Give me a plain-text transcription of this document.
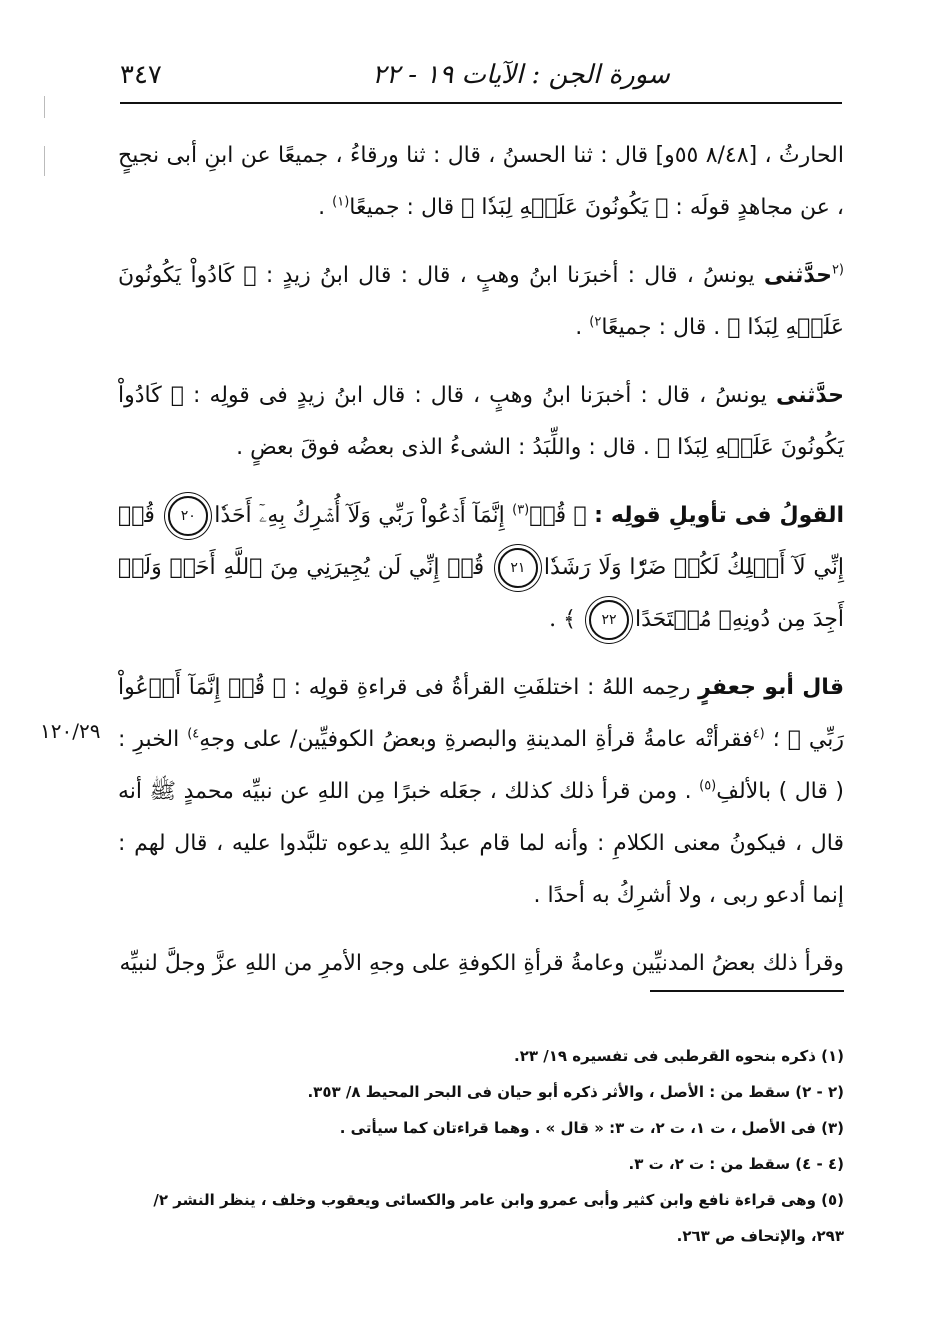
سورة الجن : الآيات ١٩ - ٢٢
٣٤٧
١٢٠/٢٩

الحارثُ ، [٨/٤٨ ٥٥و] قال : ثنا الحسنُ ، قال : ثنا ورقاءُ ، جميعًا عن ابنِ أبى نجيحٍ ، عن مجاهدٍ قولَه : ﴿ يَكُونُونَ عَلَيۡهِ لِبَدٗا ﴾ قال : جميعًا$^{(١)}$ .

$^{(٢}$حدَّثنى يونسُ ، قال : أخبرَنا ابنُ وهبٍ ، قال : قال ابنُ زيدٍ : ﴿ كَادُواْ يَكُونُونَ عَلَيۡهِ لِبَدٗا ﴾ . قال : جميعًا$^{٢)}$ .

حدَّثنى يونسُ ، قال : أخبرَنا ابنُ وهبٍ ، قال : قال ابنُ زيدٍ فى قولِه : ﴿ كَادُواْ يَكُونُونَ عَلَيۡهِ لِبَدٗا ﴾ . قال : واللِّبَدُ : الشىءُ الذى بعضُه فوقَ بعضٍ .

القولُ فى تأويلِ قولِه : ﴿ قُلۡ$^{(٣)}$ إِنَّمَآ أَدۡعُواْ رَبِّي وَلَآ أُشۡرِكُ بِهِۦٓ أَحَدٗا٢٠ قُلۡ إِنِّي لَآ أَمۡلِكُ لَكُمۡ ضَرّٗا وَلَا رَشَدٗا٢١ قُلۡ إِنِّي لَن يُجِيرَنِي مِنَ ٱللَّهِ أَحَدٞ وَلَنۡ أَجِدَ مِن دُونِهِۦ مُلۡتَحَدًا٢٢ ﴾ .

قال أبو جعفرٍ رحِمه اللهُ : اختلفَتِ القرأةُ فى قراءةِ قولِه : ﴿ قُلۡ إِنَّمَآ أَدۡعُواْ رَبِّي ﴾ ؛ $^{(٤}$فقرأتْه عامةُ قرأةِ المدينةِ والبصرةِ وبعضُ الكوفيِّين/ على وجهِ$^{٤)}$ الخبرِ : ( قال ) بالألفِ$^{(٥)}$ . ومن قرأ ذلك كذلك ، جعَله خبرًا مِن اللهِ عن نبيِّه محمدٍ ﷺ أنه قال ، فيكونُ معنى الكلامِ : وأنه لما قام عبدُ اللهِ يدعوه تلبَّدوا عليه ، قال لهم : إنما أدعو ربى ، ولا أشرِكُ به أحدًا .

وقرأ ذلك بعضُ المدنيِّين وعامةُ قرأةِ الكوفةِ على وجهِ الأمرِ من اللهِ عزَّ وجلَّ لنبيِّه

(١) ذكره بنحوه القرطبى فى تفسيره ١٩/ ٢٣.

(٢ - ٢) سقط من : الأصل ، والأثر ذكره أبو حيان فى البحر المحيط ٨/ ٣٥٣.

(٣) فى الأصل ، ت ١، ت ٢، ت ٣: « قال » . وهما قراءتان كما سيأتى .

(٤ - ٤) سقط من : ت ٢، ت ٣.

(٥) وهى قراءة نافع وابن كثير وأبى عمرو وابن عامر والكسائى ويعقوب وخلف ، ينظر النشر ٢/ ٢٩٣، والإتحاف ص ٢٦٣.
